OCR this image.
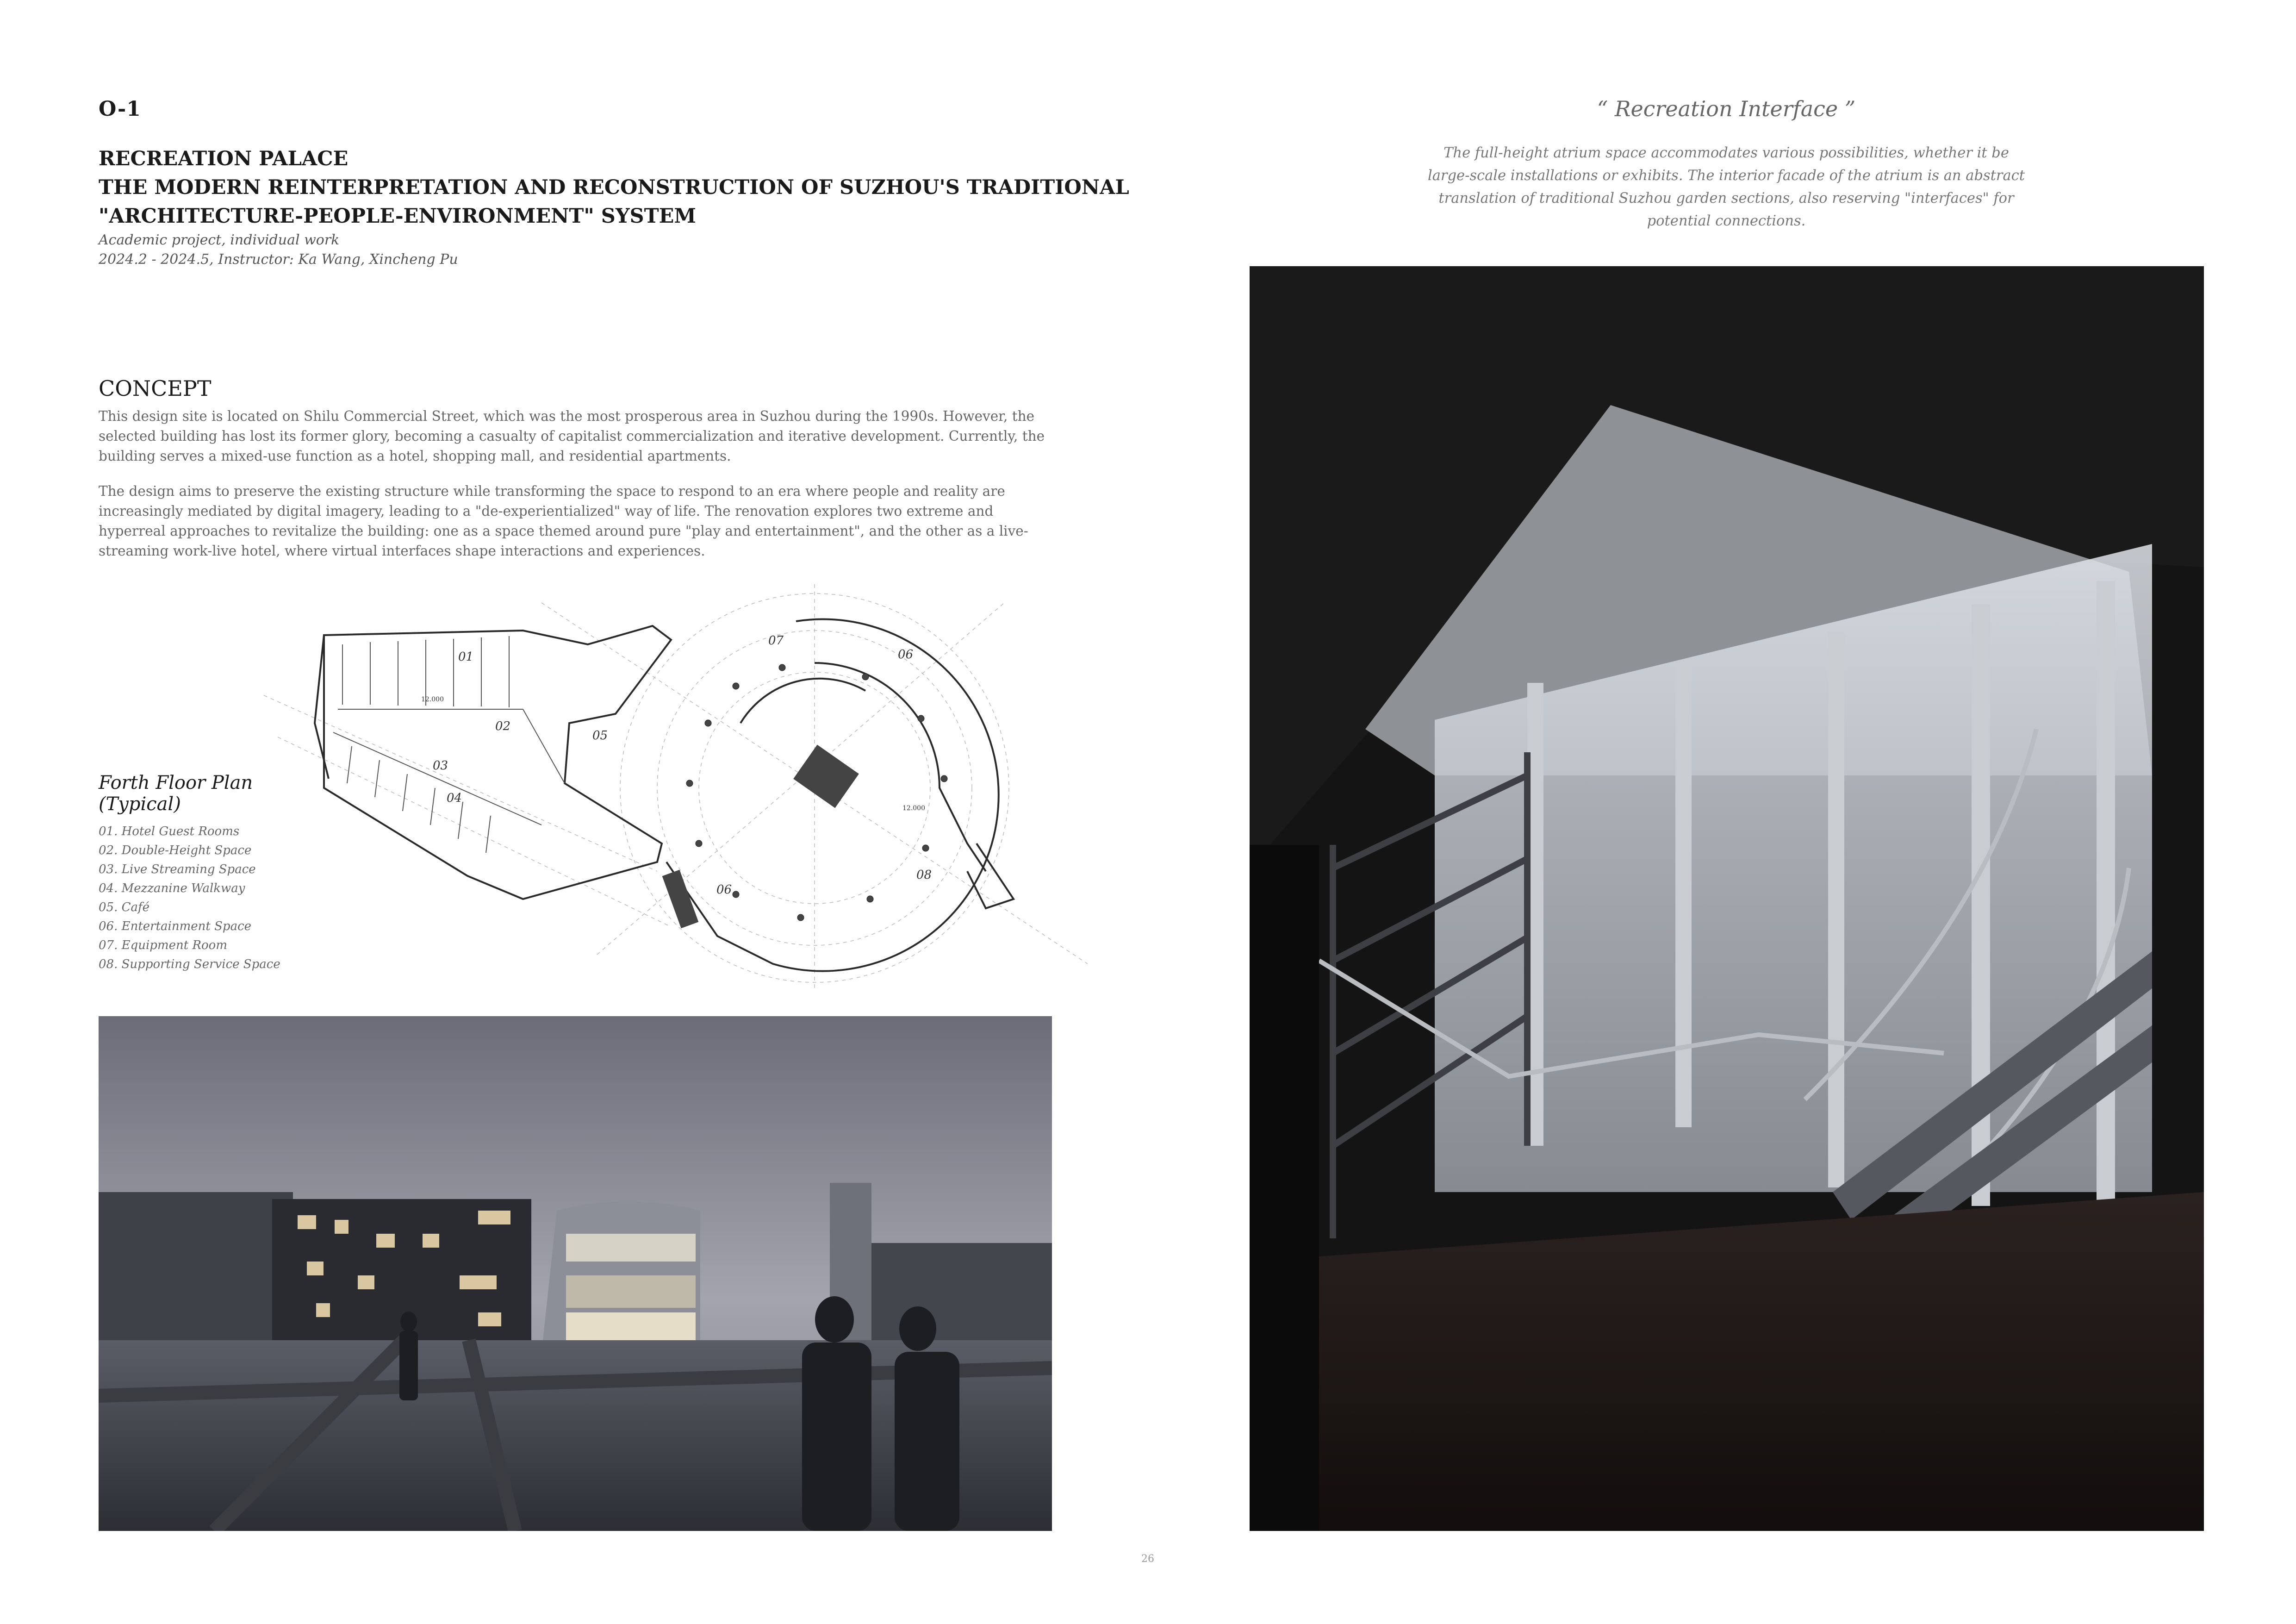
O-1
RECREATION PALACE
THE MODERN REINTERPRETATION AND RECONSTRUCTION OF SUZHOU'S TRADITIONAL
"ARCHITECTURE-PEOPLE-ENVIRONMENT" SYSTEM
Academic project, individual work
2024.2 - 2024.5, Instructor: Ka Wang, Xincheng Pu
CONCEPT
This design site is located on Shilu Commercial Street, which was the most prosperous area in Suzhou during the 1990s. However, the selected building has lost its former glory, becoming a casualty of capitalist commercialization and iterative development. Currently, the building serves a mixed-use function as a hotel, shopping mall, and residential apartments.
The design aims to preserve the existing structure while transforming the space to respond to an era where people and reality are increasingly mediated by digital imagery, leading to a "de-experientialized" way of life. The renovation explores two extreme and hyperreal approaches to revitalize the building: one as a space themed around pure "play and entertainment", and the other as a live-streaming work-live hotel, where virtual interfaces shape interactions and experiences.
Forth Floor Plan
(Typical)
01. Hotel Guest Rooms
02. Double-Height Space
03. Live Streaming Space
04. Mezzanine Walkway
05. Café
06. Entertainment Space
07. Equipment Room
08. Supporting Service Space
01
02
03
04
05
06
07
06
08
12.000
12.000
“ Recreation Interface ”
The full-height atrium space accommodates various possibilities, whether it be large-scale installations or exhibits. The interior facade of the atrium is an abstract translation of traditional Suzhou garden sections, also reserving "interfaces" for potential connections.
26
